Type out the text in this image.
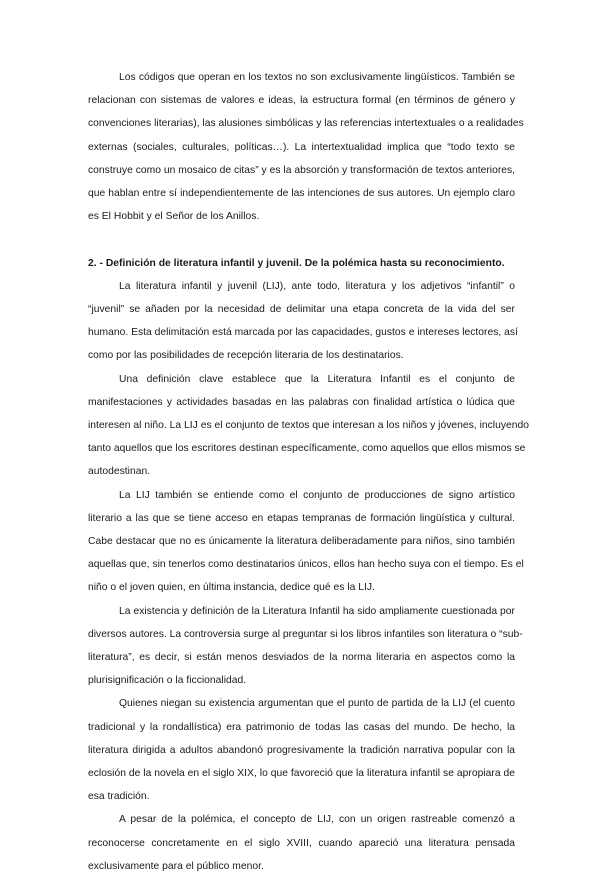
Los códigos que operan en los textos no son exclusivamente lingüísticos. También se
relacionan con sistemas de valores e ideas, la estructura formal (en términos de género y
convenciones literarias), las alusiones simbólicas y las referencias intertextuales o a realidades
externas (sociales, culturales, políticas…). La intertextualidad implica que “todo texto se
construye como un mosaico de citas” y es la absorción y transformación de textos anteriores,
que hablan entre sí independientemente de las intenciones de sus autores. Un ejemplo claro
es El Hobbit y el Señor de los Anillos.
2. - Definición de literatura infantil y juvenil. De la polémica hasta su reconocimiento.
La literatura infantil y juvenil (LIJ), ante todo, literatura y los adjetivos “infantil” o
“juvenil” se añaden por la necesidad de delimitar una etapa concreta de la vida del ser
humano. Esta delimitación está marcada por las capacidades, gustos e intereses lectores, así
como por las posibilidades de recepción literaria de los destinatarios.
Una definición clave establece que la Literatura Infantil es el conjunto de
manifestaciones y actividades basadas en las palabras con finalidad artística o lúdica que
interesen al niño. La LIJ es el conjunto de textos que interesan a los niños y jóvenes, incluyendo
tanto aquellos que los escritores destinan específicamente, como aquellos que ellos mismos se
autodestinan.
La LIJ también se entiende como el conjunto de producciones de signo artístico
literario a las que se tiene acceso en etapas tempranas de formación lingüística y cultural.
Cabe destacar que no es únicamente la literatura deliberadamente para niños, sino también
aquellas que, sin tenerlos como destinatarios únicos, ellos han hecho suya con el tiempo. Es el
niño o el joven quien, en última instancia, dedice qué es la LIJ.
La existencia y definición de la Literatura Infantil ha sido ampliamente cuestionada por
diversos autores. La controversia surge al preguntar si los libros infantiles son literatura o “sub-
literatura”, es decir, si están menos desviados de la norma literaria en aspectos como la
plurisignificación o la ficcionalidad.
Quienes niegan su existencia argumentan que el punto de partida de la LIJ (el cuento
tradicional y la rondallística) era patrimonio de todas las casas del mundo. De hecho, la
literatura dirigida a adultos abandonó progresivamente la tradición narrativa popular con la
eclosión de la novela en el siglo XIX, lo que favoreció que la literatura infantil se apropiara de
esa tradición.
A pesar de la polémica, el concepto de LIJ, con un origen rastreable comenzó a
reconocerse concretamente en el siglo XVIII, cuando apareció una literatura pensada
exclusivamente para el público menor.
